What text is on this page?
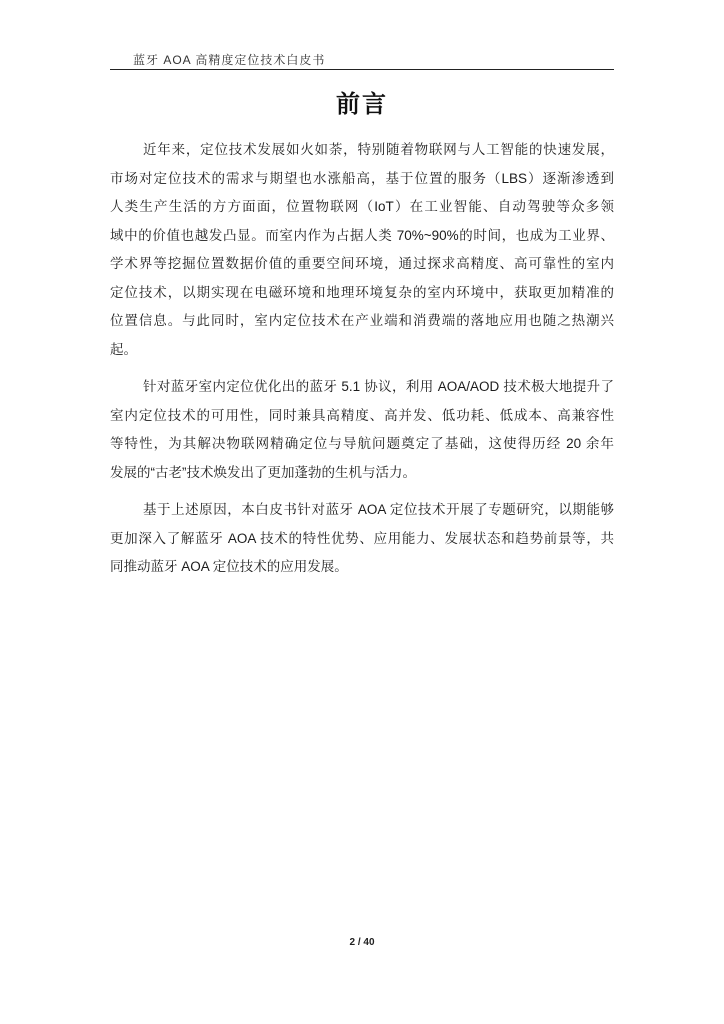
蓝牙 AOA 高精度定位技术白皮书
前言
近年来，定位技术发展如火如荼，特别随着物联网与人工智能的快速发展，
市场对定位技术的需求与期望也水涨船高，基于位置的服务（LBS）逐渐渗透到
人类生产生活的方方面面，位置物联网（IoT）在工业智能、自动驾驶等众多领
域中的价值也越发凸显。而室内作为占据人类 70%~90%的时间，也成为工业界、
学术界等挖掘位置数据价值的重要空间环境，通过探求高精度、高可靠性的室内
定位技术，以期实现在电磁环境和地理环境复杂的室内环境中，获取更加精准的
位置信息。与此同时，室内定位技术在产业端和消费端的落地应用也随之热潮兴
起。
针对蓝牙室内定位优化出的蓝牙 5.1 协议，利用 AOA/AOD 技术极大地提升了
室内定位技术的可用性，同时兼具高精度、高并发、低功耗、低成本、高兼容性
等特性，为其解决物联网精确定位与导航问题奠定了基础，这使得历经 20 余年
发展的“古老”技术焕发出了更加蓬勃的生机与活力。
基于上述原因，本白皮书针对蓝牙 AOA 定位技术开展了专题研究，以期能够
更加深入了解蓝牙 AOA 技术的特性优势、应用能力、发展状态和趋势前景等，共
同推动蓝牙 AOA 定位技术的应用发展。
2 / 40
